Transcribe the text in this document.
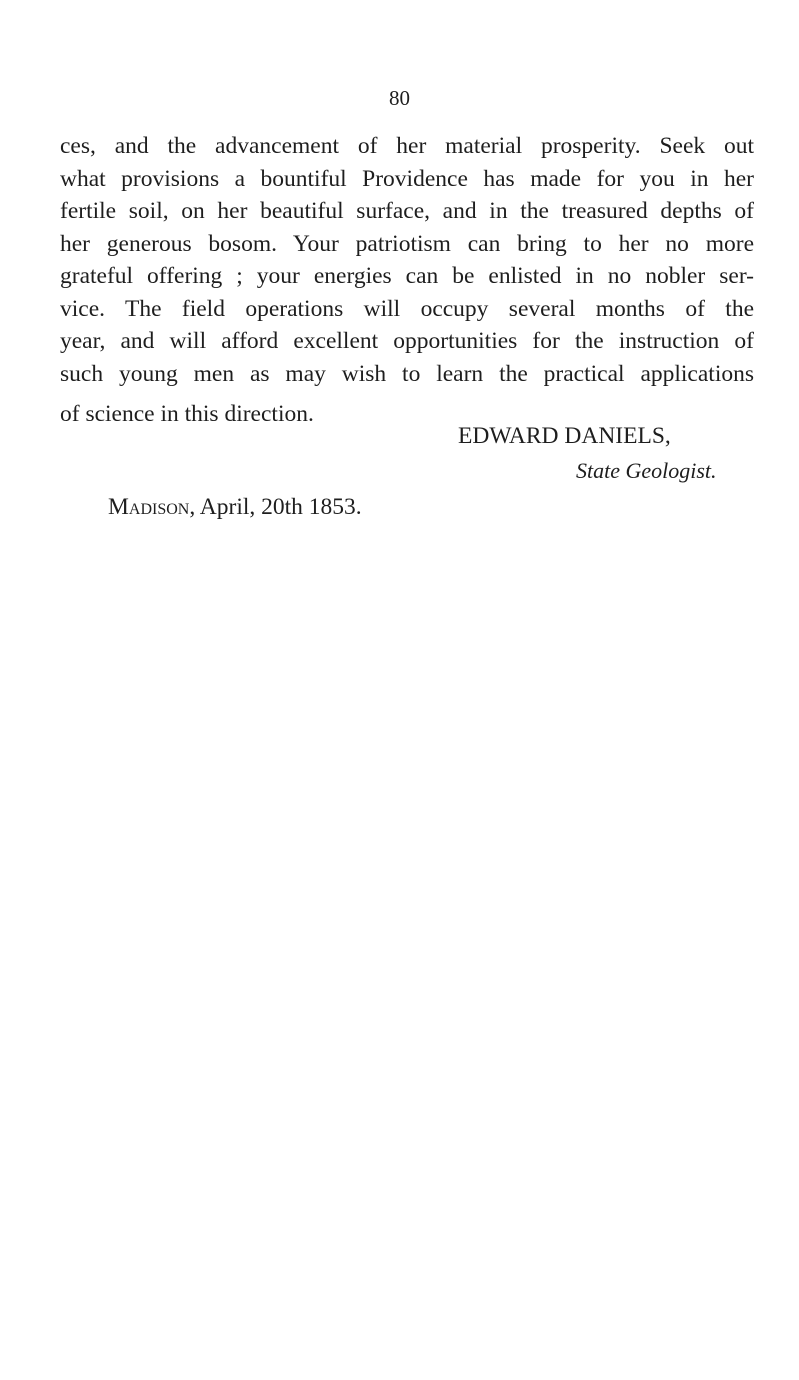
80
ces, and the advancement of her material prosperity. Seek out
what provisions a bountiful Providence has made for you in her
fertile soil, on her beautiful surface, and in the treasured depths of
her generous bosom. Your patriotism can bring to her no more
grateful offering ; your energies can be enlisted in no nobler ser-
vice. The field operations will occupy several months of the
year, and will afford excellent opportunities for the instruction of
such young men as may wish to learn the practical applications
of science in this direction.
EDWARD DANIELS,
State Geologist.
Madison, April, 20th 1853.
